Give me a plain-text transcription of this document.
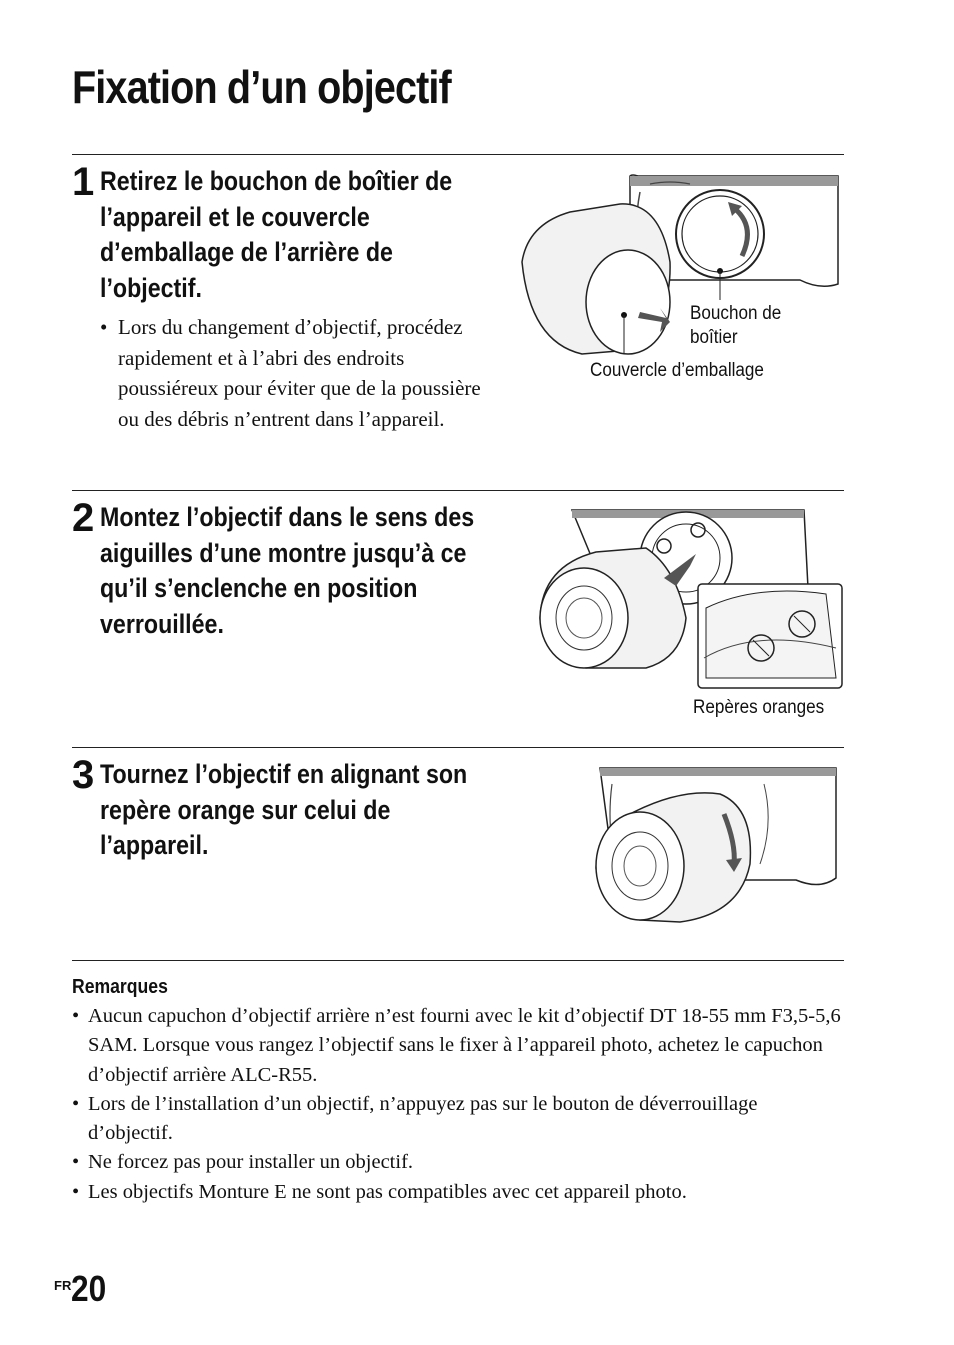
Fixation d’un objectif
1 Retirez le bouchon de boîtier de l’appareil et le couvercle d’emballage de l’arrière de l’objectif.
• Lors du changement d’objectif, procédez rapidement et à l’abri des endroits poussiéreux pour éviter que de la poussière ou des débris n’entrent dans l’appareil.
Bouchon de
boîtier
Couvercle d’emballage
2 Montez l’objectif dans le sens des aiguilles d’une montre jusqu’à ce qu’il s’enclenche en position verrouillée.
Repères oranges
3 Tournez l’objectif en alignant son repère orange sur celui de l’appareil.
Remarques
• Aucun capuchon d’objectif arrière n’est fourni avec le kit d’objectif DT 18-55 mm F3,5-5,6 SAM. Lorsque vous rangez l’objectif sans le fixer à l’appareil photo, achetez le capuchon d’objectif arrière ALC-R55.
• Lors de l’installation d’un objectif, n’appuyez pas sur le bouton de déverrouillage d’objectif.
• Ne forcez pas pour installer un objectif.
• Les objectifs Monture E ne sont pas compatibles avec cet appareil photo.
$^{FR}$20
